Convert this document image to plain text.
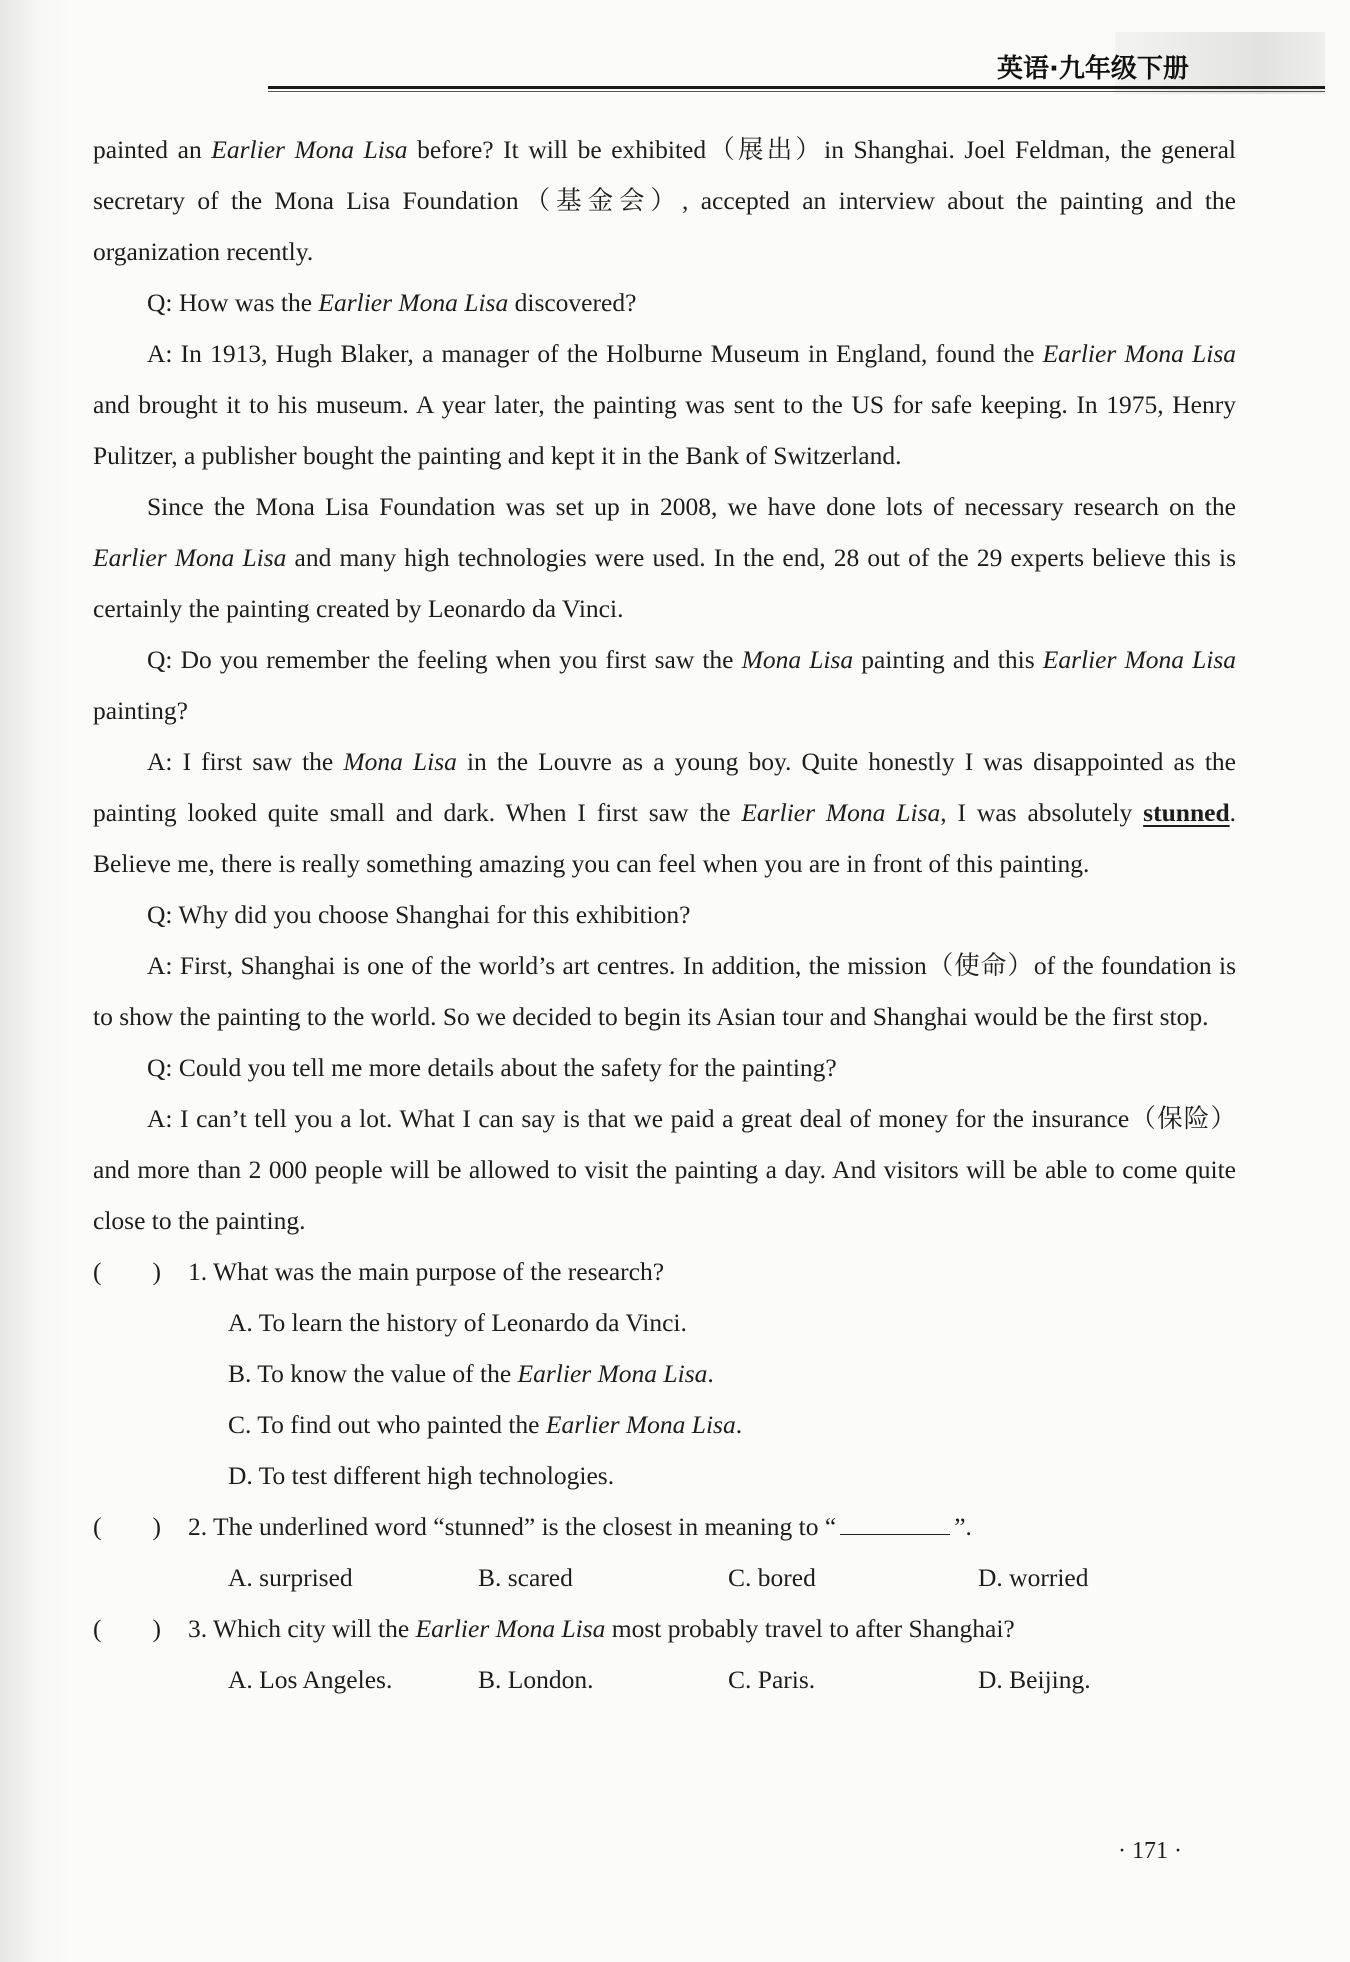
英语·九年级下册

painted an Earlier Mona Lisa before? It will be exhibited（展出）in Shanghai. Joel Feldman, the general secretary of the Mona Lisa Foundation（基金会）, accepted an interview about the painting and the organization recently.

Q: How was the Earlier Mona Lisa discovered?

A: In 1913, Hugh Blaker, a manager of the Holburne Museum in England, found the Earlier Mona Lisa and brought it to his museum. A year later, the painting was sent to the US for safe keeping. In 1975, Henry Pulitzer, a publisher bought the painting and kept it in the Bank of Switzerland.

Since the Mona Lisa Foundation was set up in 2008, we have done lots of necessary research on the Earlier Mona Lisa and many high technologies were used. In the end, 28 out of the 29 experts believe this is certainly the painting created by Leonardo da Vinci.

Q: Do you remember the feeling when you first saw the Mona Lisa painting and this Earlier Mona Lisa painting?

A: I first saw the Mona Lisa in the Louvre as a young boy. Quite honestly I was disappointed as the painting looked quite small and dark. When I first saw the Earlier Mona Lisa, I was absolutely stunned. Believe me, there is really something amazing you can feel when you are in front of this painting.

Q: Why did you choose Shanghai for this exhibition?

A: First, Shanghai is one of the world’s art centres. In addition, the mission（使命）of the foundation is to show the painting to the world. So we decided to begin its Asian tour and Shanghai would be the first stop.

Q: Could you tell me more details about the safety for the painting?

A: I can’t tell you a lot. What I can say is that we paid a great deal of money for the insurance（保险）and more than 2 000 people will be allowed to visit the painting a day. And visitors will be able to come quite close to the painting.

(　　)	1. What was the main purpose of the research?

A. To learn the history of Leonardo da Vinci.

B. To know the value of the Earlier Mona Lisa.

C. To find out who painted the Earlier Mona Lisa.

D. To test different high technologies.

(　　)	2. The underlined word “stunned” is the closest in meaning to “	”.

A. surprised	B. scared	C. bored	D. worried

(　　)	3. Which city will the Earlier Mona Lisa most probably travel to after Shanghai?

A. Los Angeles.	B. London.	C. Paris.	D. Beijing.

· 171 ·
